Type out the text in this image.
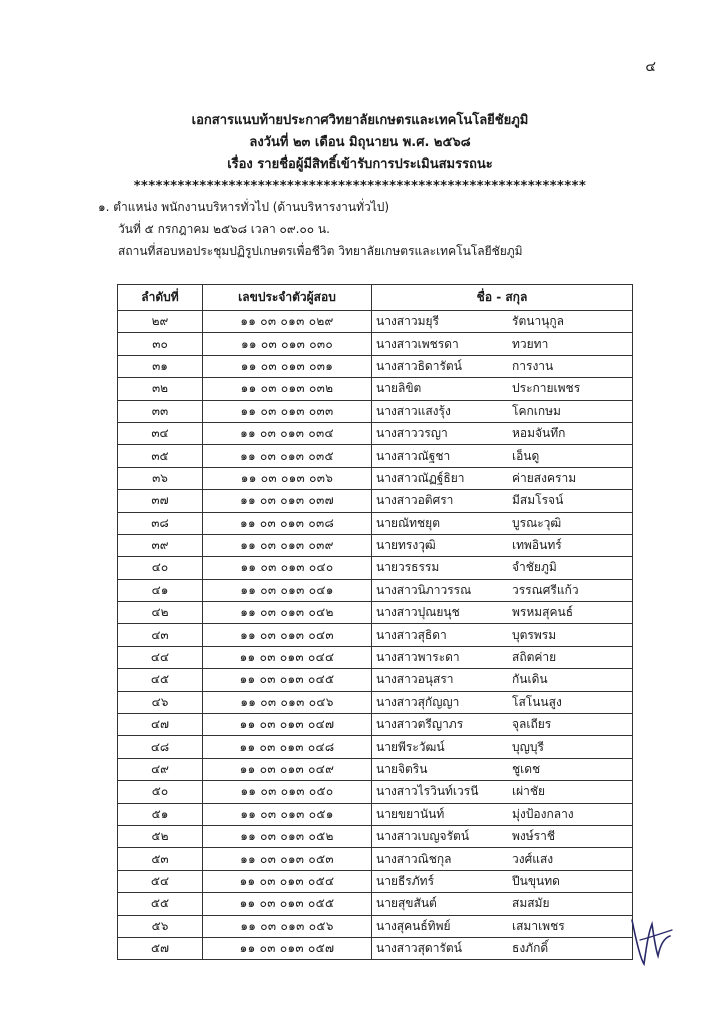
๔
เอกสารแนบท้ายประกาศวิทยาลัยเกษตรและเทคโนโลยีชัยภูมิ
ลงวันที่ ๒๓ เดือน มิถุนายน พ.ศ. ๒๕๖๘
เรื่อง รายชื่อผู้มีสิทธิ์เข้ารับการประเมินสมรรถนะ
**************************************************************
๑. ตำแหน่ง พนักงานบริหารทั่วไป (ด้านบริหารงานทั่วไป)
วันที่ ๕ กรกฎาคม ๒๕๖๘ เวลา ๐๙.๐๐ น.
สถานที่สอบหอประชุมปฏิรูปเกษตรเพื่อชีวิต วิทยาลัยเกษตรและเทคโนโลยีชัยภูมิ
ลำดับที่	เลขประจำตัวผู้สอบ	ชื่อ - สกุล	
๒๙	๑๑ ๐๓ ๐๑๓ ๐๒๙	นางสาวมยุรี	รัตนานุกูล
๓๐	๑๑ ๐๓ ๐๑๓ ๐๓๐	นางสาวเพชรดา	ทวยทา
๓๑	๑๑ ๐๓ ๐๑๓ ๐๓๑	นางสาวธิดารัตน์	การงาน
๓๒	๑๑ ๐๓ ๐๑๓ ๐๓๒	นายลิขิต	ประกายเพชร
๓๓	๑๑ ๐๓ ๐๑๓ ๐๓๓	นางสาวแสงรุ้ง	โคกเกษม
๓๔	๑๑ ๐๓ ๐๑๓ ๐๓๔	นางสาววรญา	หอมจันทึก
๓๕	๑๑ ๐๓ ๐๑๓ ๐๓๕	นางสาวณัฐชา	เอ็นดู
๓๖	๑๑ ๐๓ ๐๑๓ ๐๓๖	นางสาวณัฏฐ์ธิยา	ค่ายสงคราม
๓๗	๑๑ ๐๓ ๐๑๓ ๐๓๗	นางสาวอติศรา	มีสมโรจน์
๓๘	๑๑ ๐๓ ๐๑๓ ๐๓๘	นายณัทชยุต	บูรณะวุฒิ
๓๙	๑๑ ๐๓ ๐๑๓ ๐๓๙	นายทรงวุฒิ	เทพอินทร์
๔๐	๑๑ ๐๓ ๐๑๓ ๐๔๐	นายวรธรรม	จำชัยภูมิ
๔๑	๑๑ ๐๓ ๐๑๓ ๐๔๑	นางสาวนิภาวรรณ	วรรณศรีแก้ว
๔๒	๑๑ ๐๓ ๐๑๓ ๐๔๒	นางสาวปุณยนุช	พรหมสุคนธ์
๔๓	๑๑ ๐๓ ๐๑๓ ๐๔๓	นางสาวสุธิดา	บุตรพรม
๔๔	๑๑ ๐๓ ๐๑๓ ๐๔๔	นางสาวพาระดา	สถิตค่าย
๔๕	๑๑ ๐๓ ๐๑๓ ๐๔๕	นางสาวอนุสรา	กันเดิน
๔๖	๑๑ ๐๓ ๐๑๓ ๐๔๖	นางสาวสุกัญญา	โสโนนสูง
๔๗	๑๑ ๐๓ ๐๑๓ ๐๔๗	นางสาวตรีญาภร	จุลเถียร
๔๘	๑๑ ๐๓ ๐๑๓ ๐๔๘	นายพีระวัฒน์	บุญบุรี
๔๙	๑๑ ๐๓ ๐๑๓ ๐๔๙	นายจิตริน	ชูเดช
๕๐	๑๑ ๐๓ ๐๑๓ ๐๕๐	นางสาวไรวินท์เวรนี	เผ่าชัย
๕๑	๑๑ ๐๓ ๐๑๓ ๐๕๑	นายขยานันท์	มุ่งป้องกลาง
๕๒	๑๑ ๐๓ ๐๑๓ ๐๕๒	นางสาวเบญจรัตน์	พงษ์ราชี
๕๓	๑๑ ๐๓ ๐๑๓ ๐๕๓	นางสาวณิชกุล	วงศ์แสง
๕๔	๑๑ ๐๓ ๐๑๓ ๐๕๔	นายธีรภัทร์	ปีนขุนทด
๕๕	๑๑ ๐๓ ๐๑๓ ๐๕๕	นายสุขสันต์	สมสมัย
๕๖	๑๑ ๐๓ ๐๑๓ ๐๕๖	นางสุคนธ์ทิพย์	เสมาเพชร
๕๗	๑๑ ๐๓ ๐๑๓ ๐๕๗	นางสาวสุดารัตน์	ธงภักดิ์
